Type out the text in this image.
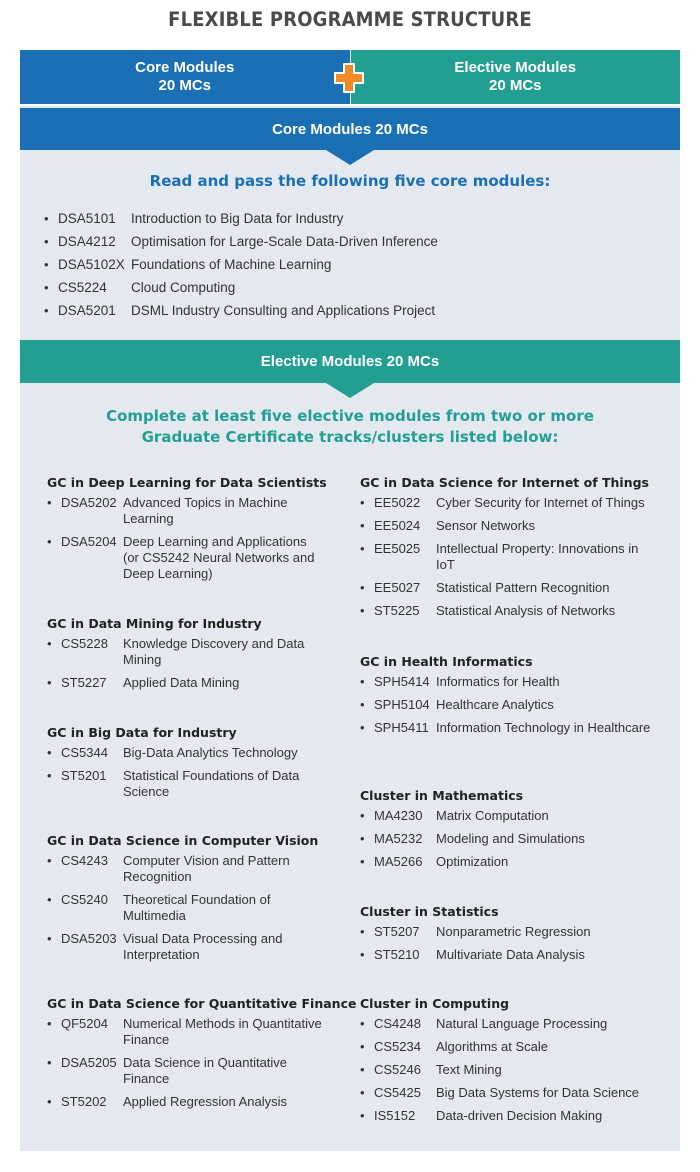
FLEXIBLE PROGRAMME STRUCTURE
Core Modules
20 MCs
Elective Modules
20 MCs
Core Modules 20 MCs
Read and pass the following five core modules:
• DSA5101	Introduction to Big Data for Industry
• DSA4212	Optimisation for Large-Scale Data-Driven Inference
• DSA5102X Foundations of Machine Learning
• CS5224	Cloud Computing
• DSA5201	DSML Industry Consulting and Applications Project
Elective Modules 20 MCs
Complete at least five elective modules from two or more
Graduate Certificate tracks/clusters listed below:
GC in Deep Learning for Data Scientists
• DSA5202 Advanced Topics in Machine Learning
• DSA5204 Deep Learning and Applications (or CS5242 Neural Networks and Deep Learning)
GC in Data Mining for Industry
• CS5228	Knowledge Discovery and Data Mining
• ST5227	Applied Data Mining
GC in Big Data for Industry
• CS5344	Big-Data Analytics Technology
• ST5201	Statistical Foundations of Data Science
GC in Data Science in Computer Vision
• CS4243	Computer Vision and Pattern Recognition
• CS5240	Theoretical Foundation of Multimedia
• DSA5203 Visual Data Processing and Interpretation
GC in Data Science for Quantitative Finance
• QF5204	Numerical Methods in Quantitative Finance
• DSA5205 Data Science in Quantitative Finance
• ST5202	Applied Regression Analysis
GC in Data Science for Internet of Things
• EE5022	Cyber Security for Internet of Things
• EE5024	Sensor Networks
• EE5025	Intellectual Property: Innovations in IoT
• EE5027	Statistical Pattern Recognition
• ST5225	Statistical Analysis of Networks
GC in Health Informatics
• SPH5414 Informatics for Health
• SPH5104 Healthcare Analytics
• SPH5411 Information Technology in Healthcare
Cluster in Mathematics
• MA4230	Matrix Computation
• MA5232	Modeling and Simulations
• MA5266	Optimization
Cluster in Statistics
• ST5207	Nonparametric Regression
• ST5210	Multivariate Data Analysis
Cluster in Computing
• CS4248	Natural Language Processing
• CS5234	Algorithms at Scale
• CS5246	Text Mining
• CS5425	Big Data Systems for Data Science
• IS5152	Data-driven Decision Making
